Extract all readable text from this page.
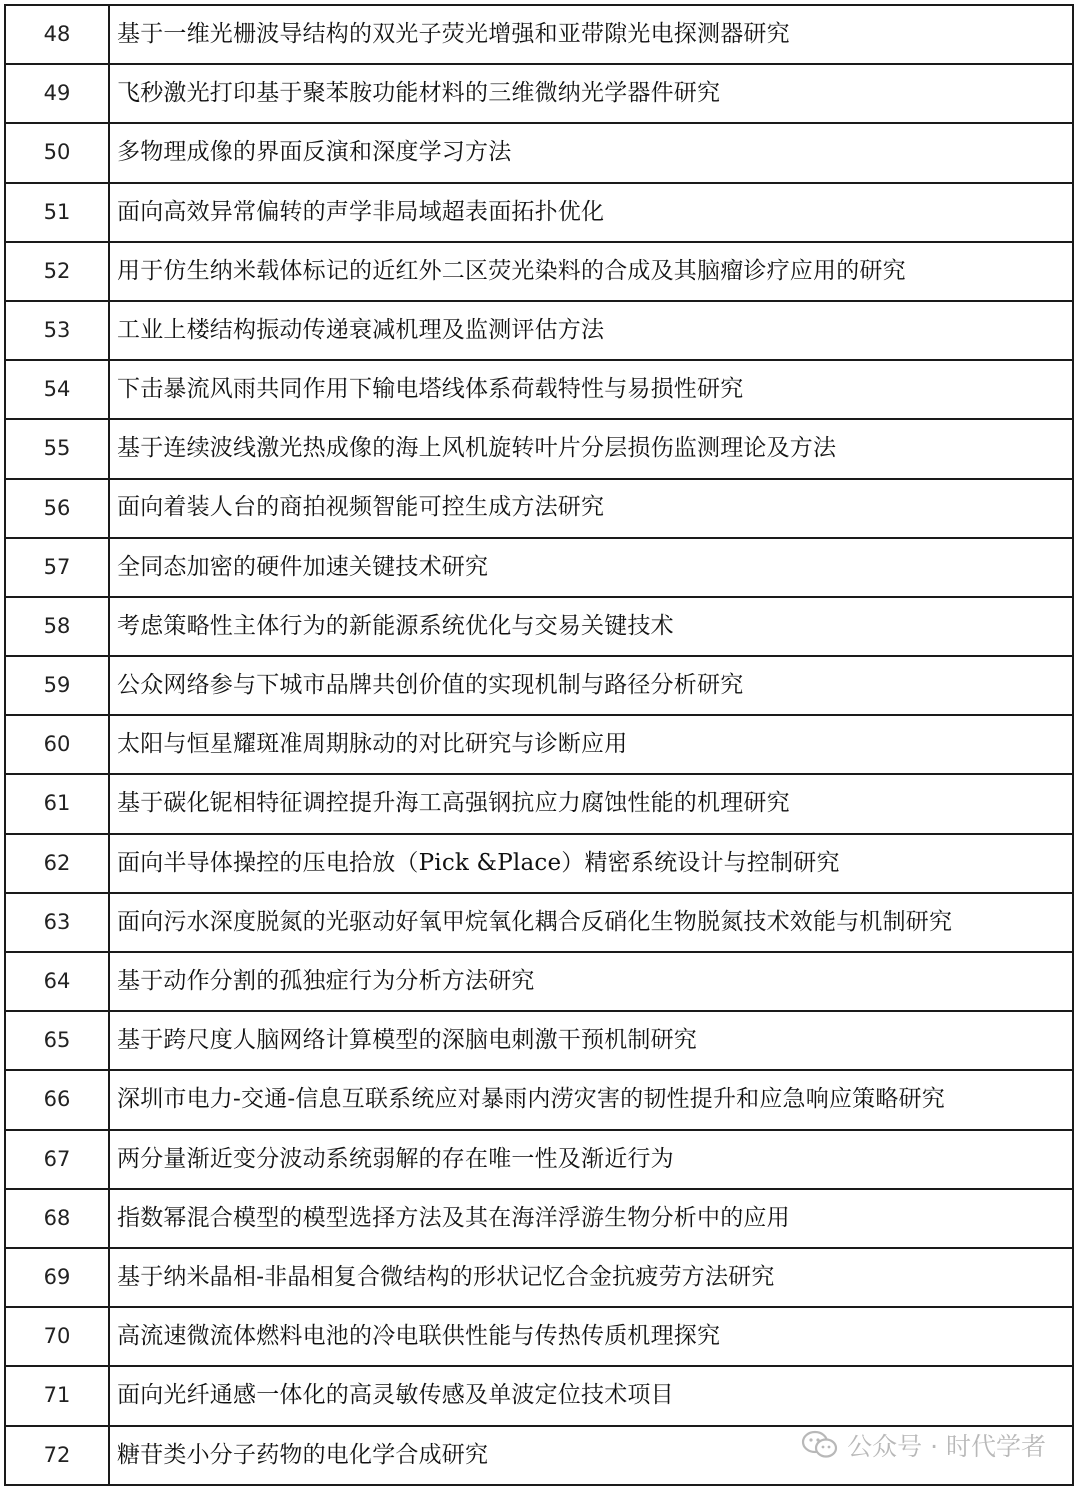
48	基于一维光栅波导结构的双光子荧光增强和亚带隙光电探测器研究
49	飞秒激光打印基于聚苯胺功能材料的三维微纳光学器件研究
50	多物理成像的界面反演和深度学习方法
51	面向高效异常偏转的声学非局域超表面拓扑优化
52	用于仿生纳米载体标记的近红外二区荧光染料的合成及其脑瘤诊疗应用的研究
53	工业上楼结构振动传递衰减机理及监测评估方法
54	下击暴流风雨共同作用下输电塔线体系荷载特性与易损性研究
55	基于连续波线激光热成像的海上风机旋转叶片分层损伤监测理论及方法
56	面向着装人台的商拍视频智能可控生成方法研究
57	全同态加密的硬件加速关键技术研究
58	考虑策略性主体行为的新能源系统优化与交易关键技术
59	公众网络参与下城市品牌共创价值的实现机制与路径分析研究
60	太阳与恒星耀斑准周期脉动的对比研究与诊断应用
61	基于碳化铌相特征调控提升海工高强钢抗应力腐蚀性能的机理研究
62	面向半导体操控的压电拾放（Pick &Place）精密系统设计与控制研究
63	面向污水深度脱氮的光驱动好氧甲烷氧化耦合反硝化生物脱氮技术效能与机制研究
64	基于动作分割的孤独症行为分析方法研究
65	基于跨尺度人脑网络计算模型的深脑电刺激干预机制研究
66	深圳市电力-交通-信息互联系统应对暴雨内涝灾害的韧性提升和应急响应策略研究
67	两分量渐近变分波动系统弱解的存在唯一性及渐近行为
68	指数幂混合模型的模型选择方法及其在海洋浮游生物分析中的应用
69	基于纳米晶相-非晶相复合微结构的形状记忆合金抗疲劳方法研究
70	高流速微流体燃料电池的冷电联供性能与传热传质机理探究
71	面向光纤通感一体化的高灵敏传感及单波定位技术项目
72	糖苷类小分子药物的电化学合成研究	公众号 · 时代学者
